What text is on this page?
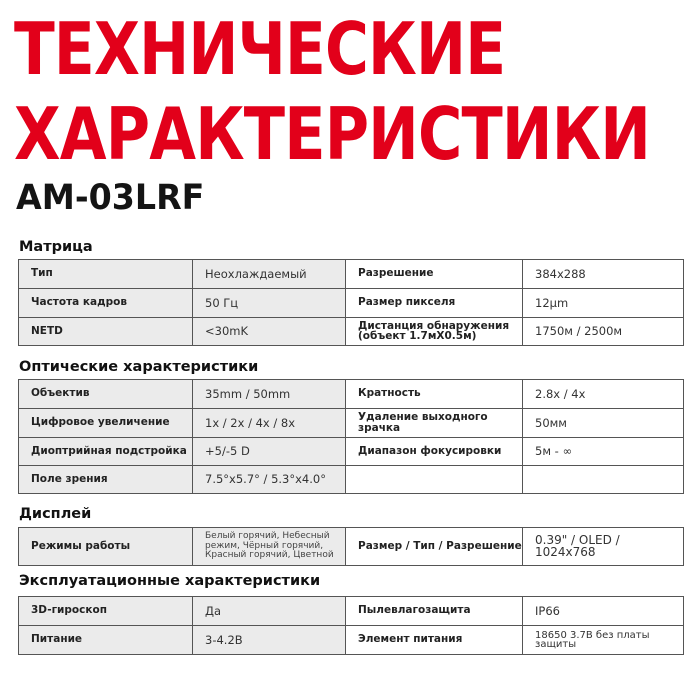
ТЕХНИЧЕСКИЕ
ХАРАКТЕРИСТИКИ
AM-03LRF
Матрица
Тип	Неохлаждаемый	Разрешение	384x288
Частота кадров	50 Гц	Размер пикселя	12μm
NETD	<30mK	Дистанция обнаружения (объект 1.7мX0.5м)	1750м / 2500м
Оптические характеристики
Объектив	35mm / 50mm	Кратность	2.8x / 4x
Цифровое увеличение	1x / 2x / 4x / 8x	Удаление выходного зрачка	50мм
Диоптрийная подстройка	+5/-5 D	Диапазон фокусировки	5м - ∞
Поле зрения	7.5°x5.7° / 5.3°x4.0°		
Дисплей
Режимы работы	Белый горячий, Небесный режим, Чёрный горячий, Красный горячий, Цветной	Размер / Тип / Разрешение	0.39" / OLED / 1024x768
Эксплуатационные характеристики
3D-гироскоп	Да	Пылевлагозащита	IP66
Питание	3-4.2В	Элемент питания	18650 3.7В без платы защиты
